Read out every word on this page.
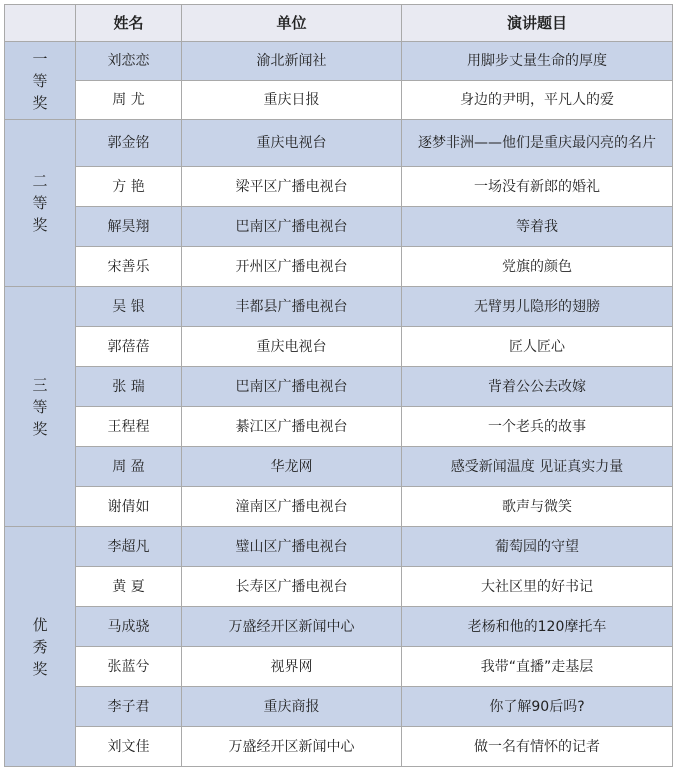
	姓名	单位	演讲题目

一
等
奖	刘恋恋	渝北新闻社	用脚步丈量生命的厚度
	周 尤	重庆日报	身边的尹明，平凡人的爱

二
等
奖	郭金铭	重庆电视台	逐梦非洲——他们是重庆最闪亮的名片
	方 艳	梁平区广播电视台	一场没有新郎的婚礼
	解昊翔	巴南区广播电视台	等着我
	宋善乐	开州区广播电视台	党旗的颜色

三
等
奖	吴 银	丰都县广播电视台	无臂男儿隐形的翅膀
	郭蓓蓓	重庆电视台	匠人匠心
	张 瑞	巴南区广播电视台	背着公公去改嫁
	王程程	綦江区广播电视台	一个老兵的故事
	周 盈	华龙网	感受新闻温度 见证真实力量
	谢倩如	潼南区广播电视台	歌声与微笑

优
秀
奖	李超凡	璧山区广播电视台	葡萄园的守望
	黄 夏	长寿区广播电视台	大社区里的好书记
	马成骁	万盛经开区新闻中心	老杨和他的120摩托车
	张蓝兮	视界网	我带“直播”走基层
	李子君	重庆商报	你了解90后吗?
	刘文佳	万盛经开区新闻中心	做一名有情怀的记者
